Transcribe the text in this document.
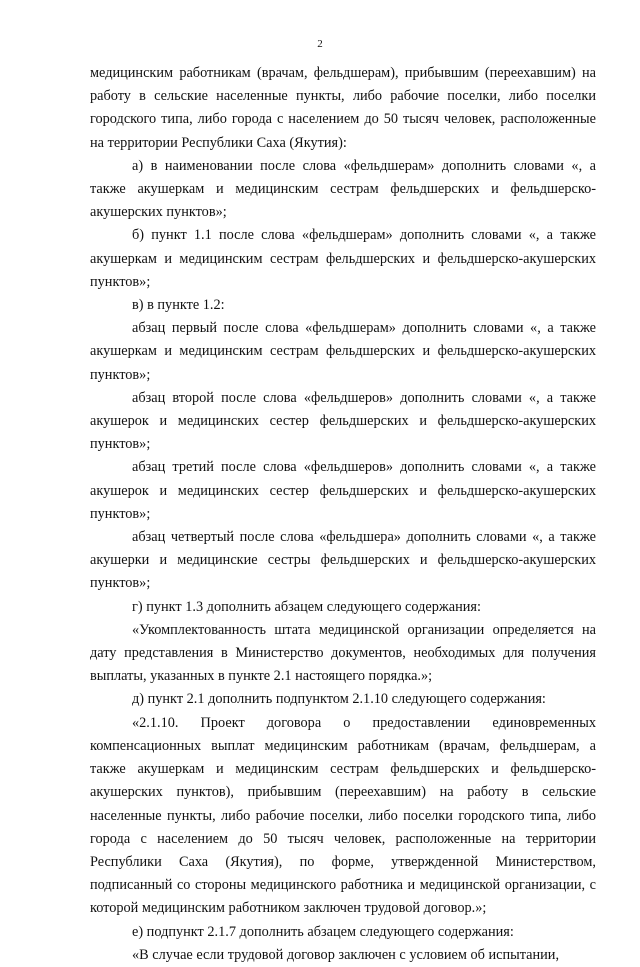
2

медицинским работникам (врачам, фельдшерам), прибывшим (переехавшим) на работу в сельские населенные пункты, либо рабочие поселки, либо поселки городского типа, либо города с населением до 50 тысяч человек, расположенные на территории Республики Саха (Якутия):

а) в наименовании после слова «фельдшерам» дополнить словами «, а также акушеркам и медицинским сестрам фельдшерских и фельдшерско-акушерских пунктов»;

б) пункт 1.1 после слова «фельдшерам» дополнить словами «, а также акушеркам и медицинским сестрам фельдшерских и фельдшерско-акушерских пунктов»;

в) в пункте 1.2:

абзац первый после слова «фельдшерам» дополнить словами «, а также акушеркам и медицинским сестрам фельдшерских и фельдшерско-акушерских пунктов»;

абзац второй после слова «фельдшеров» дополнить словами «, а также акушерок и медицинских сестер фельдшерских и фельдшерско-акушерских пунктов»;

абзац третий после слова «фельдшеров» дополнить словами «, а также акушерок и медицинских сестер фельдшерских и фельдшерско-акушерских пунктов»;

абзац четвертый после слова «фельдшера» дополнить словами «, а также акушерки и медицинские сестры фельдшерских и фельдшерско-акушерских пунктов»;

г) пункт 1.3 дополнить абзацем следующего содержания:

«Укомплектованность штата медицинской организации определяется на дату представления в Министерство документов, необходимых для получения выплаты, указанных в пункте 2.1 настоящего порядка.»;

д) пункт 2.1 дополнить подпунктом 2.1.10 следующего содержания:

«2.1.10. Проект договора о предоставлении единовременных компенсационных выплат медицинским работникам (врачам, фельдшерам, а также акушеркам и медицинским сестрам фельдшерских и фельдшерско-акушерских пунктов), прибывшим (переехавшим) на работу в сельские населенные пункты, либо рабочие поселки, либо поселки городского типа, либо города с населением до 50 тысяч человек, расположенные на территории Республики Саха (Якутия), по форме, утвержденной Министерством, подписанный со стороны медицинского работника и медицинской организации, с которой медицинским работником заключен трудовой договор.»;

е) подпункт 2.1.7 дополнить абзацем следующего содержания:

«В случае если трудовой договор заключен с условием об испытании,
